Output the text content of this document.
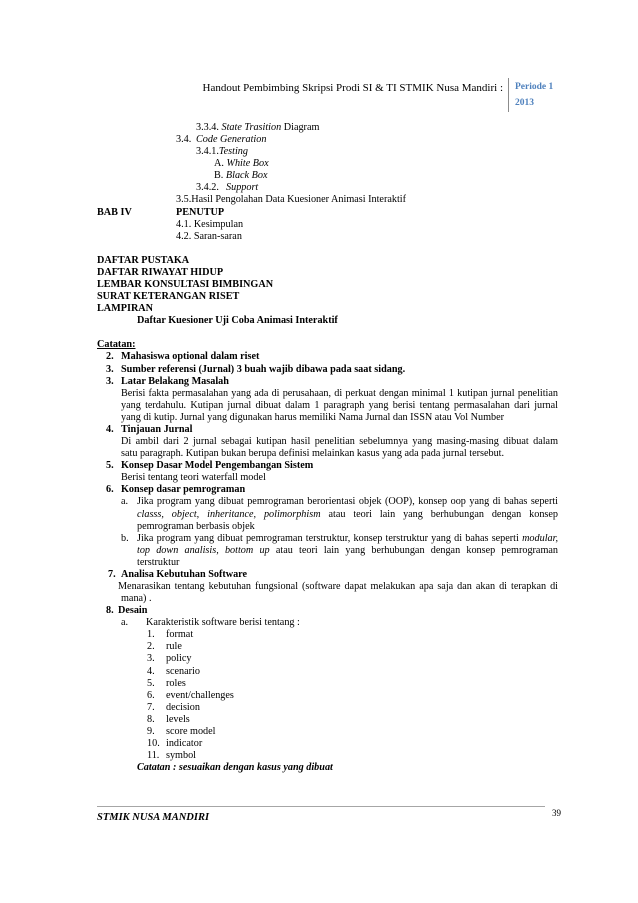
Handout Pembimbing Skripsi Prodi SI & TI STMIK Nusa Mandiri : Periode 1
2013
3.3.4. State Trasition Diagram
3.4. Code Generation
3.4.1.Testing
A. White Box
B. Black Box
3.4.2. Support
3.5.Hasil Pengolahan Data Kuesioner Animasi Interaktif
BAB IV	PENUTUP
4.1. Kesimpulan
4.2. Saran-saran
DAFTAR PUSTAKA
DAFTAR RIWAYAT HIDUP
LEMBAR KONSULTASI BIMBINGAN
SURAT KETERANGAN RISET
LAMPIRAN
Daftar Kuesioner Uji Coba Animasi Interaktif
Catatan:
2. Mahasiswa optional dalam riset
3. Sumber referensi (Jurnal) 3 buah wajib dibawa pada saat sidang.
3. Latar Belakang Masalah
Berisi fakta permasalahan yang ada di perusahaan, di perkuat dengan minimal 1 kutipan jurnal penelitian
yang terdahulu. Kutipan jurnal dibuat dalam 1 paragraph yang berisi tentang permasalahan dari jurnal
yang di kutip. Jurnal yang digunakan harus memiliki Nama Jurnal dan ISSN atau Vol Number
4. Tinjauan Jurnal
Di ambil dari 2 jurnal sebagai kutipan hasil penelitian sebelumnya yang masing-masing dibuat dalam
satu paragraph. Kutipan bukan berupa definisi melainkan kasus yang ada pada jurnal tersebut.
5. Konsep Dasar Model Pengembangan Sistem
Berisi tentang teori waterfall model
6. Konsep dasar pemrograman
a. Jika program yang dibuat pemrograman berorientasi objek (OOP), konsep oop yang di bahas seperti
classs, object, inheritance, polimorphism atau teori lain yang berhubungan dengan konsep
pemrograman berbasis objek
b. Jika program yang dibuat pemrograman terstruktur, konsep terstruktur yang di bahas seperti modular,
top down analisis, bottom up atau teori lain yang berhubungan dengan konsep pemrograman
terstruktur
7. Analisa Kebutuhan Software
Menarasikan tentang kebutuhan fungsional (software dapat melakukan apa saja dan akan di terapkan di
mana) .
8. Desain
a. Karakteristik software berisi tentang :
1. format
2. rule
3. policy
4. scenario
5. roles
6. event/challenges
7. decision
8. levels
9. score model
10. indicator
11. symbol
Catatan : sesuaikan dengan kasus yang dibuat
STMIK NUSA MANDIRI	39
